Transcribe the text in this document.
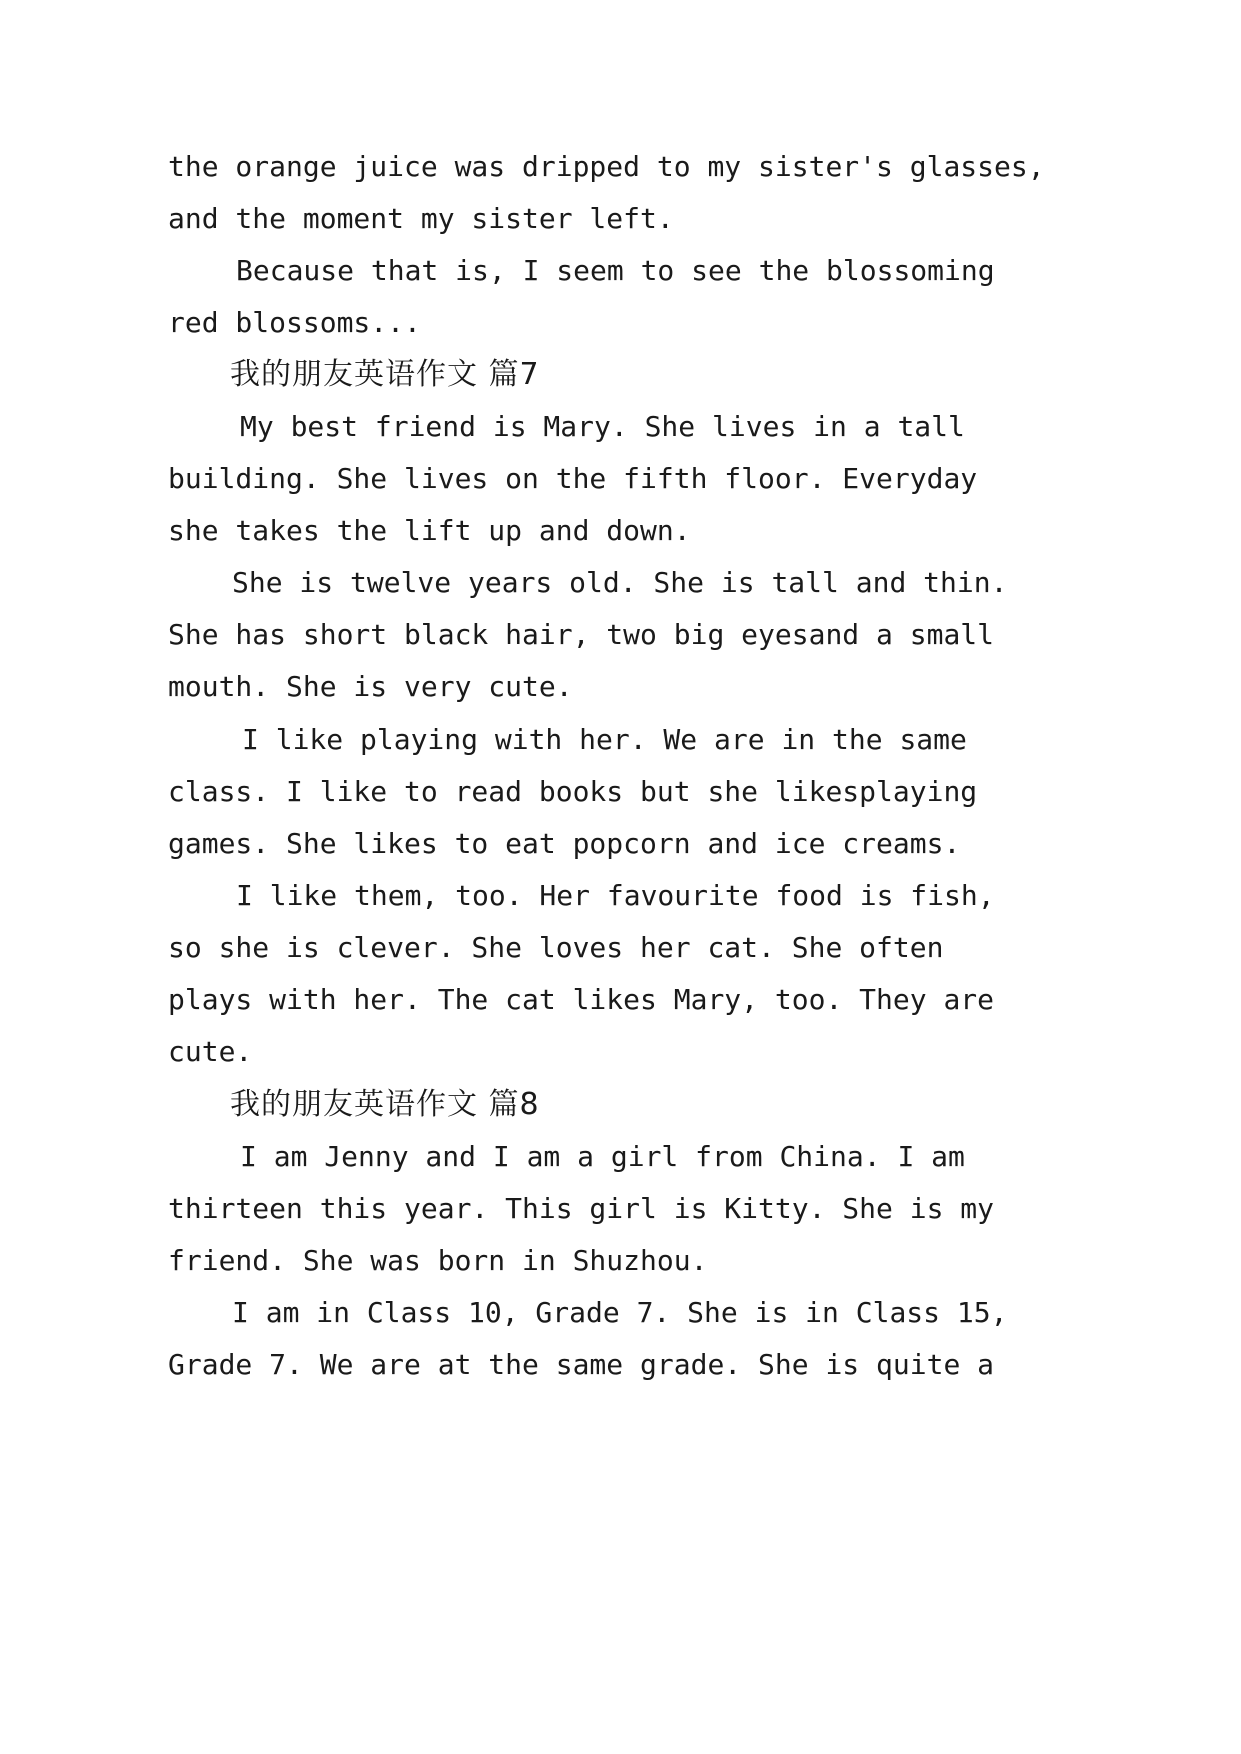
the orange juice was dripped to my sister's glasses,
and the moment my sister left.
Because that is, I seem to see the blossoming
red blossoms...
我的朋友英语作文 篇7
My best friend is Mary. She lives in a tall
building. She lives on the fifth floor. Everyday
she takes the lift up and down.
She is twelve years old. She is tall and thin.
She has short black hair, two big eyesand a small
mouth. She is very cute.
I like playing with her. We are in the same
class. I like to read books but she likesplaying
games. She likes to eat popcorn and ice creams.
I like them, too. Her favourite food is fish,
so she is clever. She loves her cat. She often
plays with her. The cat likes Mary, too. They are
cute.
我的朋友英语作文 篇8
I am Jenny and I am a girl from China. I am
thirteen this year. This girl is Kitty. She is my
friend. She was born in Shuzhou.
I am in Class 10, Grade 7. She is in Class 15,
Grade 7. We are at the same grade. She is quite a
